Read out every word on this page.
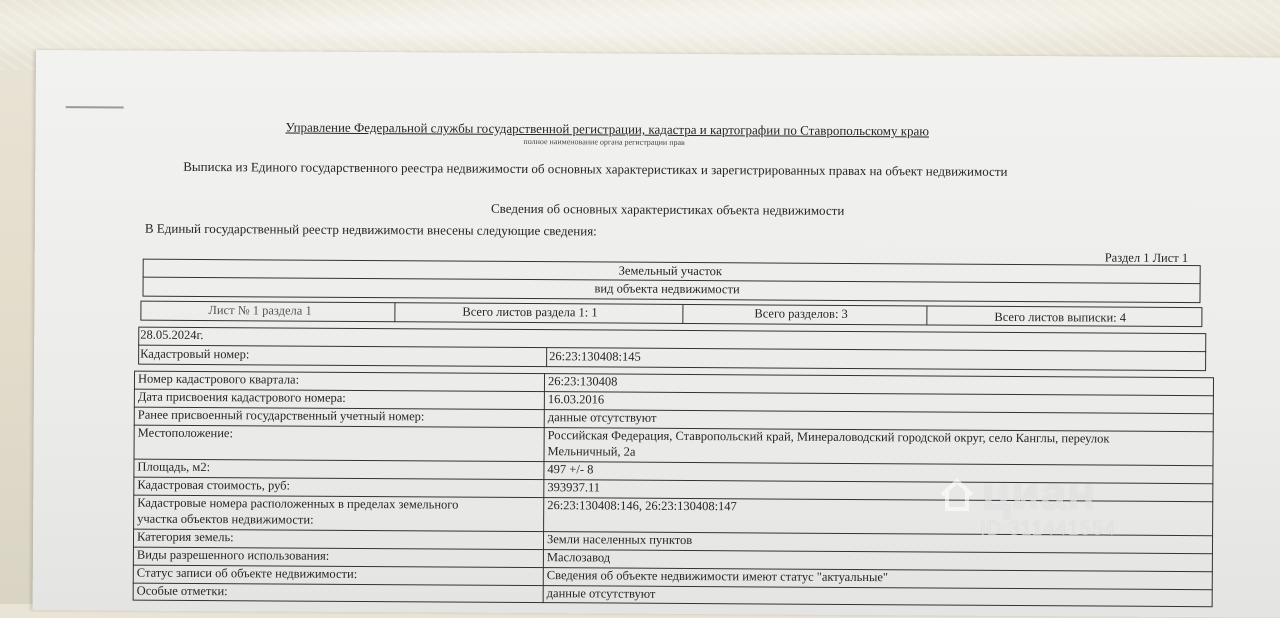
Управление Федеральной службы государственной регистрации, кадастра и картографии по Ставропольскому краю
полное наименование органа регистрации прав
Выписка из Единого государственного реестра недвижимости об основных характеристиках и зарегистрированных правах на объект недвижимости
Сведения об основных характеристиках объекта недвижимости
В Единый государственный реестр недвижимости внесены следующие сведения:
Раздел 1 Лист 1
Земельный участок
вид объекта недвижимости
Лист № 1 раздела 1	Всего листов раздела 1: 1	Всего разделов: 3	Всего листов выписки: 4
28.05.2024г.
Кадастровый номер:	26:23:130408:145
Номер кадастрового квартала:	26:23:130408
Дата присвоения кадастрового номера:	16.03.2016
Ранее присвоенный государственный учетный номер:	данные отсутствуют
Местоположение:	Российская Федерация, Ставропольский край, Минераловодский городской округ, село Канглы, переулок
Мельничный, 2а
Площадь, м2:	497 +/- 8
Кадастровая стоимость, руб:	393937.11
Кадастровые номера расположенных в пределах земельного
участка объектов недвижимости:
26:23:130408:146, 26:23:130408:147
Категория земель:	Земли населенных пунктов
Виды разрешенного использования:	Маслозавод
Статус записи об объекте недвижимости:	Сведения об объекте недвижимости имеют статус "актуальные"
Особые отметки:	данные отсутствуют
циан
ID 311441554
